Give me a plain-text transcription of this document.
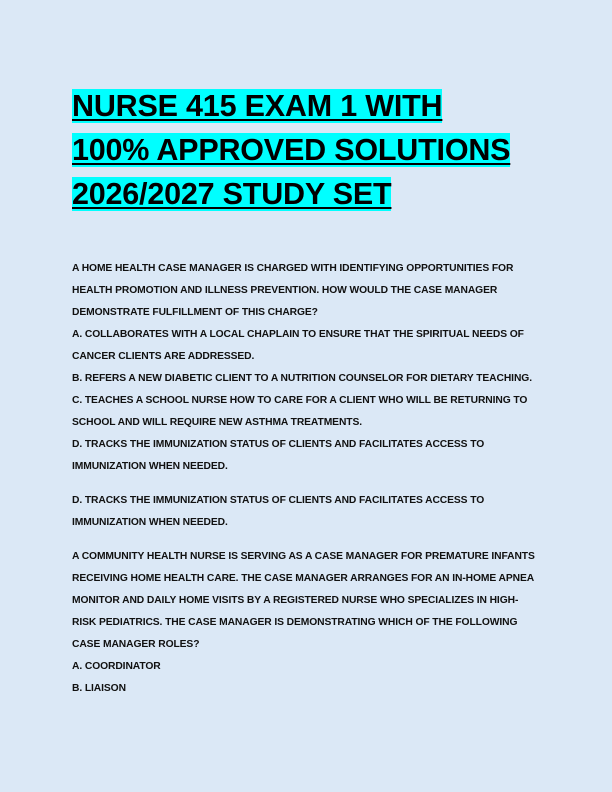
NURSE 415 EXAM 1 WITH
100% APPROVED SOLUTIONS
2026/2027 STUDY SET

A HOME HEALTH CASE MANAGER IS CHARGED WITH IDENTIFYING OPPORTUNITIES FOR HEALTH PROMOTION AND ILLNESS PREVENTION. HOW WOULD THE CASE MANAGER DEMONSTRATE FULFILLMENT OF THIS CHARGE?

A. COLLABORATES WITH A LOCAL CHAPLAIN TO ENSURE THAT THE SPIRITUAL NEEDS OF CANCER CLIENTS ARE ADDRESSED.

B. REFERS A NEW DIABETIC CLIENT TO A NUTRITION COUNSELOR FOR DIETARY TEACHING.

C. TEACHES A SCHOOL NURSE HOW TO CARE FOR A CLIENT WHO WILL BE RETURNING TO SCHOOL AND WILL REQUIRE NEW ASTHMA TREATMENTS.

D. TRACKS THE IMMUNIZATION STATUS OF CLIENTS AND FACILITATES ACCESS TO IMMUNIZATION WHEN NEEDED.

D. TRACKS THE IMMUNIZATION STATUS OF CLIENTS AND FACILITATES ACCESS TO IMMUNIZATION WHEN NEEDED.

A COMMUNITY HEALTH NURSE IS SERVING AS A CASE MANAGER FOR PREMATURE INFANTS RECEIVING HOME HEALTH CARE. THE CASE MANAGER ARRANGES FOR AN IN-HOME APNEA MONITOR AND DAILY HOME VISITS BY A REGISTERED NURSE WHO SPECIALIZES IN HIGH-RISK PEDIATRICS. THE CASE MANAGER IS DEMONSTRATING WHICH OF THE FOLLOWING CASE MANAGER ROLES?

A. COORDINATOR

B. LIAISON
